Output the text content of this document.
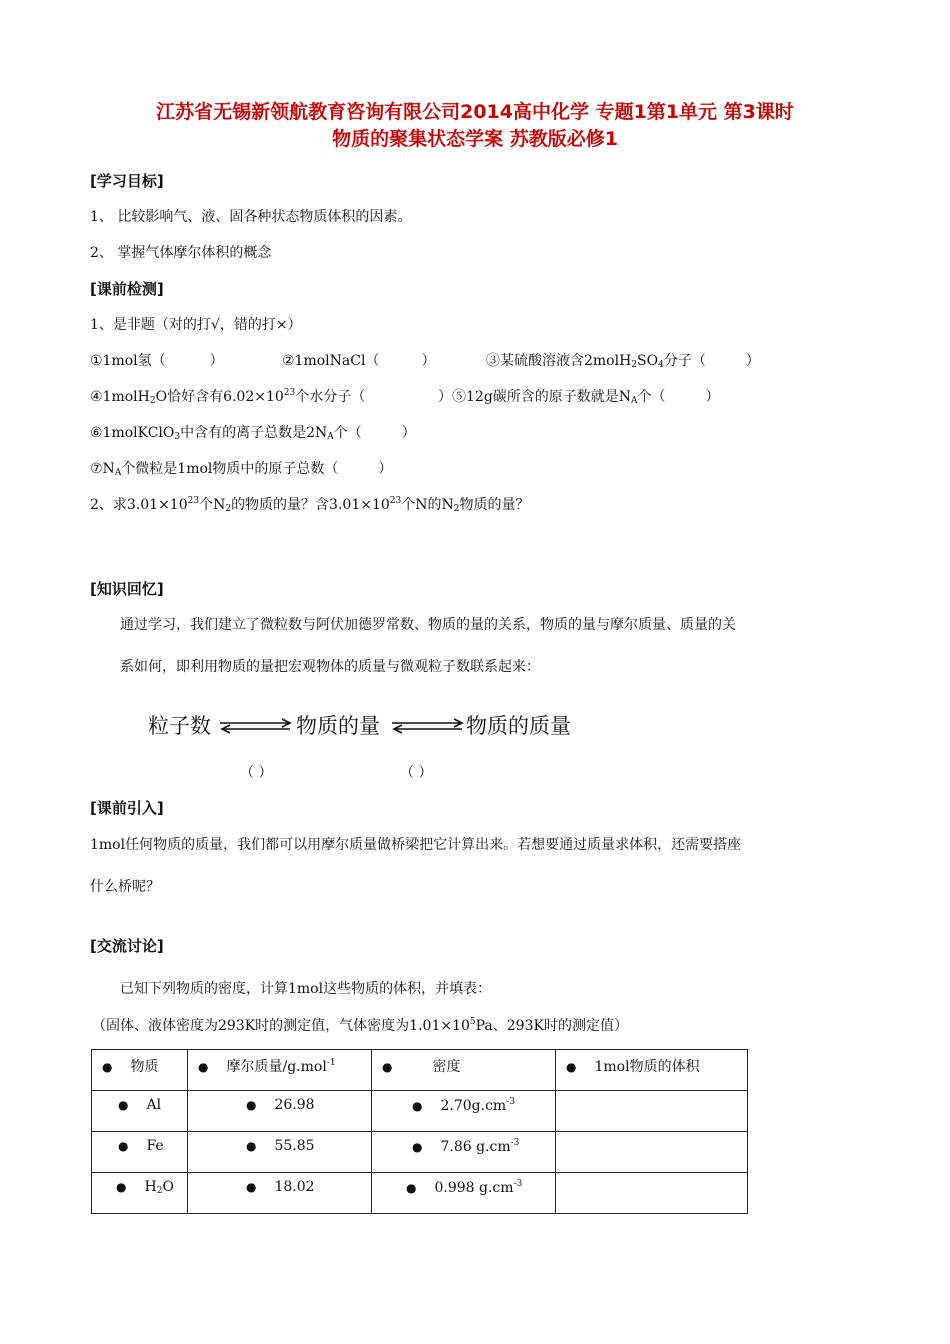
江苏省无锡新领航教育咨询有限公司2014高中化学 专题1第1单元 第3课时
物质的聚集状态学案 苏教版必修1
[学习目标]
1、 比较影响气、液、固各种状态物质体积的因素。
2、 掌握气体摩尔体积的概念
[课前检测]
1、是非题（对的打√，错的打×）
①1mol氢（	）	②1molNaCl（	）	③某硫酸溶液含$2molH_2SO_4$分子（	）
④1molH$_2$O恰好含有$6.02\times 10^{23}$个水分子（	）⑤12g碳所含的原子数就是$N_A$个（	）
⑥1molKClO$_3$中含有的离子总数是$2N_A$个（	）
$⑦N_A$个微粒是1mol物质中的原子总数（	）
2、求$3.01\times 10^{23}$个$N_2$的物质的量？含$3.01\times 10^{23}$个N的$N_2$物质的量？
[知识回忆]
通过学习，我们建立了微粒数与阿伏加德罗常数、物质的量的关系，物质的量与摩尔质量、质量的关
系如何，即利用物质的量把宏观物体的质量与微观粒子数联系起来：
粒子数	物质的量	物质的质量
（ ）	（ ）
[课前引入]
1mol任何物质的质量，我们都可以用摩尔质量做桥梁把它计算出来。若想要通过质量求体积，还需要搭座
什么桥呢？
[交流讨论]
已知下列物质的密度，计算1mol这些物质的体积，并填表：
（固体、液体密度为293K时的测定值，气体密度为$1.01\times 10^5Pa$、293K时的测定值）
● 物质	● 摩尔质量/g.mol$^{-1}$	● 密度	● 1mol物质的体积
● Al	● 26.98	● $2.70g.cm^{-3}$	
● Fe	● 55.85	● 7.86 $g.cm^{-3}$	
● $H_2O$	● 18.02	● 0.998 $g.cm^{-3}$	
